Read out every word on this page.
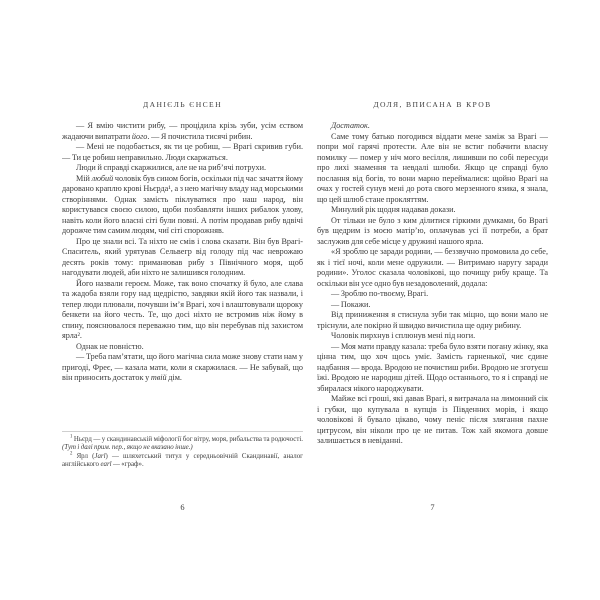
ДАНІЄЛЬ ЄНСЕН

— Я вмію чистити рибу, — процідила крізь зуби, усім єством жадаючи випатрати його. — Я почистила тисячі рибин.

— Мені не подобається, як ти це робиш, — Врагі скривив губи. — Ти це робиш неправильно. Люди скаржаться.

Люди й справді скаржилися, але не на риб’ячі потрухи.

Мій любий чоловік був сином богів, оскільки під час зачаття йому даровано краплю крові Ньєрда¹, а з нею магічну владу над морськими створіннями. Однак замість піклуватися про наш народ, він користувався своєю силою, щоби позбавляти інших рибалок улову, навіть коли його власні сіті були повні. А потім продавав рибу вдвічі дорожче тим самим людям, чиї сіті спорожняв.

Про це знали всі. Та ніхто не смів і слова сказати. Він був Врагі-Спаситель, який урятував Сельвегр від голоду під час неврожаю десять років тому: приманював рибу з Північного моря, щоб нагодувати людей, аби ніхто не залишився голодним.

Його назвали героєм. Може, так воно спочатку й було, але слава та жадоба взяли гору над щедрістю, завдяки якій його так назвали, і тепер люди плювали, почувши ім’я Врагі, хоч і влаштовували щороку бенкети на його честь. Те, що досі ніхто не встромив ніж йому в спину, пояснювалося переважно тим, що він перебував під захистом ярла².

Однак не повністю.

— Треба пам’ятати, що його магічна сила може знову стати нам у пригоді, Фреє, — казала мати, коли я скаржилася. — Не забувай, що він приносить достаток у твій дім.

$^1$ Ньєрд — у скандинавській міфології бог вітру, моря, рибальства та родючості. (Тут і далі прим. пер., якщо не вказано інше.)

$^2$ Ярл (Jarl) — шляхетський титул у середньовічній Скандинавії, аналог англійського earl — «граф».

6
ДОЛЯ, ВПИСАНА В КРОВ

Достаток.

Саме тому батько погодився віддати мене заміж за Врагі — попри мої гарячі протести. Але він не встиг побачити власну помилку — помер у ніч мого весілля, лишивши по собі пересуди про лихі знамення та невдалі шлюби. Якщо це справді було послання від богів, то вони марно переймалися: щойно Врагі на очах у гостей сунув мені до рота свого мерзенного язика, я знала, що цей шлюб стане прокляттям.

Минулий рік щодня надавав докази.

От тільки не було з ким ділитися гіркими думками, бо Врагі був щедрим із моєю матір’ю, оплачував усі її потреби, а брат заслужив для себе місце у дружині нашого ярла.

«Я зроблю це заради родини, — беззвучно промовила до себе, як і тієї ночі, коли мене одружили. — Витримаю наругу заради родини». Уголос сказала чоловікові, що почищу рибу краще. Та оскільки він усе одно був незадоволений, додала:

— Зроблю по-твоєму, Врагі.

— Покажи.

Від приниження я стиснула зуби так міцно, що вони мало не тріснули, але покірно й швидко вичистила ще одну рибину.

Чоловік пирхнув і сплюнув мені під ноги.

— Моя мати правду казала: треба було взяти погану жінку, яка цінна тим, що хоч щось уміє. Замість гарненької, чиє єдине надбання — врода. Вродою не почистиш риби. Вродою не зготуєш їжі. Вродою не народиш дітей. Щодо останнього, то я і справді не збиралася нікого народжувати.

Майже всі гроші, які давав Врагі, я витрачала на лимонний сік і губки, що купувала в купців із Південних морів, і якщо чоловікові й бувало цікаво, чому пеніс після злягання пахне цитрусом, він ніколи про це не питав. Тож хай якомога довше залишається в невіданні.

7
